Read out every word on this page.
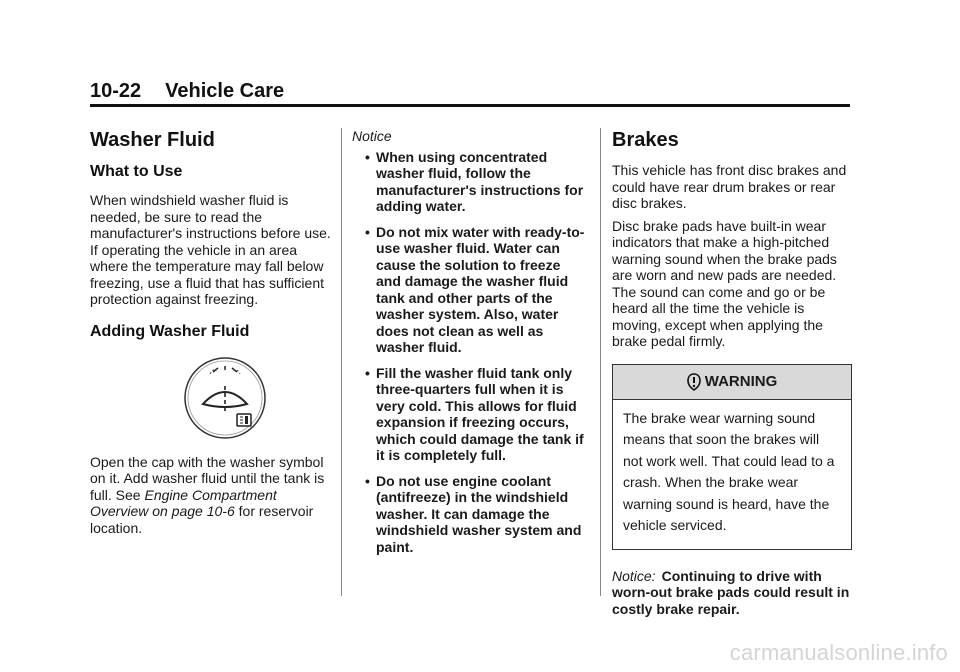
10-22 Vehicle Care
Washer Fluid
What to Use

When windshield washer fluid is needed, be sure to read the manufacturer's instructions before use. If operating the vehicle in an area where the temperature may fall below freezing, use a fluid that has sufficient protection against freezing.

Adding Washer Fluid

Open the cap with the washer symbol on it. Add washer fluid until the tank is full. See Engine Compartment Overview on page 10-6 for reservoir location.

Notice

• When using concentrated washer fluid, follow the manufacturer's instructions for adding water.
• Do not mix water with ready-to-use washer fluid. Water can cause the solution to freeze and damage the washer fluid tank and other parts of the washer system. Also, water does not clean as well as washer fluid.
• Fill the washer fluid tank only three-quarters full when it is very cold. This allows for fluid expansion if freezing occurs, which could damage the tank if it is completely full.
• Do not use engine coolant (antifreeze) in the windshield washer. It can damage the windshield washer system and paint.
Brakes

This vehicle has front disc brakes and could have rear drum brakes or rear disc brakes.

Disc brake pads have built-in wear indicators that make a high-pitched warning sound when the brake pads are worn and new pads are needed. The sound can come and go or be heard all the time the vehicle is moving, except when applying the brake pedal firmly.

WARNING
The brake wear warning sound means that soon the brakes will not work well. That could lead to a crash. When the brake wear warning sound is heard, have the vehicle serviced.

Notice: Continuing to drive with worn-out brake pads could result in costly brake repair.

carmanualsonline.info
